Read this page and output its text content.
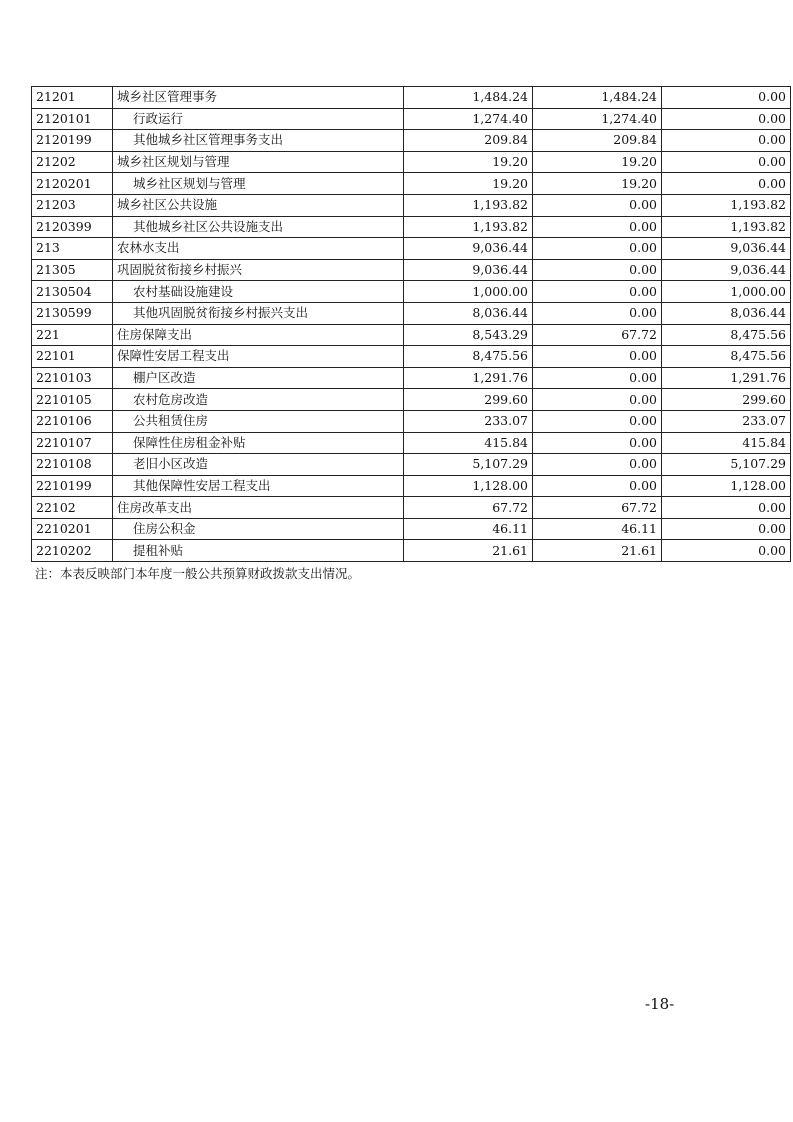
21201	城乡社区管理事务	1,484.24	1,484.24	0.00
2120101	行政运行	1,274.40	1,274.40	0.00
2120199	其他城乡社区管理事务支出	209.84	209.84	0.00
21202	城乡社区规划与管理	19.20	19.20	0.00
2120201	城乡社区规划与管理	19.20	19.20	0.00
21203	城乡社区公共设施	1,193.82	0.00	1,193.82
2120399	其他城乡社区公共设施支出	1,193.82	0.00	1,193.82
213	农林水支出	9,036.44	0.00	9,036.44
21305	巩固脱贫衔接乡村振兴	9,036.44	0.00	9,036.44
2130504	农村基础设施建设	1,000.00	0.00	1,000.00
2130599	其他巩固脱贫衔接乡村振兴支出	8,036.44	0.00	8,036.44
221	住房保障支出	8,543.29	67.72	8,475.56
22101	保障性安居工程支出	8,475.56	0.00	8,475.56
2210103	棚户区改造	1,291.76	0.00	1,291.76
2210105	农村危房改造	299.60	0.00	299.60
2210106	公共租赁住房	233.07	0.00	233.07
2210107	保障性住房租金补贴	415.84	0.00	415.84
2210108	老旧小区改造	5,107.29	0.00	5,107.29
2210199	其他保障性安居工程支出	1,128.00	0.00	1,128.00
22102	住房改革支出	67.72	67.72	0.00
2210201	住房公积金	46.11	46.11	0.00
2210202	提租补贴	21.61	21.61	0.00

注：本表反映部门本年度一般公共预算财政拨款支出情况。

-18-
